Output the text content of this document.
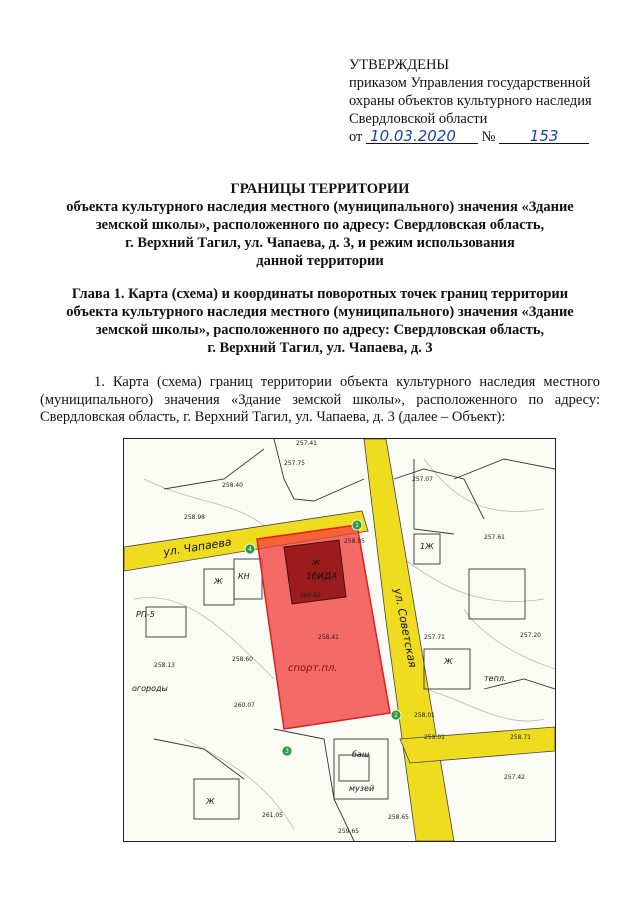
УТВЕРЖДЕНЫ
приказом Управления государственной
охраны объектов культурного наследия
Свердловской области
от 10.03.2020 № 153
ГРАНИЦЫ ТЕРРИТОРИИ
объекта культурного наследия местного (муниципального) значения «Здание
земской школы», расположенного по адресу: Свердловская область,
г. Верхний Тагил, ул. Чапаева, д. 3, и режим использования
данной территории
Глава 1. Карта (схема) и координаты поворотных точек границ территории
объекта культурного наследия местного (муниципального) значения «Здание
земской школы», расположенного по адресу: Свердловская область,
г. Верхний Тагил, ул. Чапаева, д. 3
1. Карта (схема) границ территории объекта культурного наследия местного (муниципального) значения «Здание земской школы», расположенного по адресу: Свердловская область, г. Верхний Тагил, ул. Чапаева, д. 3 (далее – Объект):
1
2
3
4
ул. Чапаева
ул. Советская
ж
1бИДА
спорт.пл.
огороды
музей
баш
тепл.
КН
РП-5
Ж
1Ж
Ж
Ж
257.41
257.75
258.40
257.07
258.05
258.41
259.01
258.60
260.07
258.13
258.65
257.71	257.20
258.01
258.71
261.05
259.65
260.62
258.98
257.61
257.42
